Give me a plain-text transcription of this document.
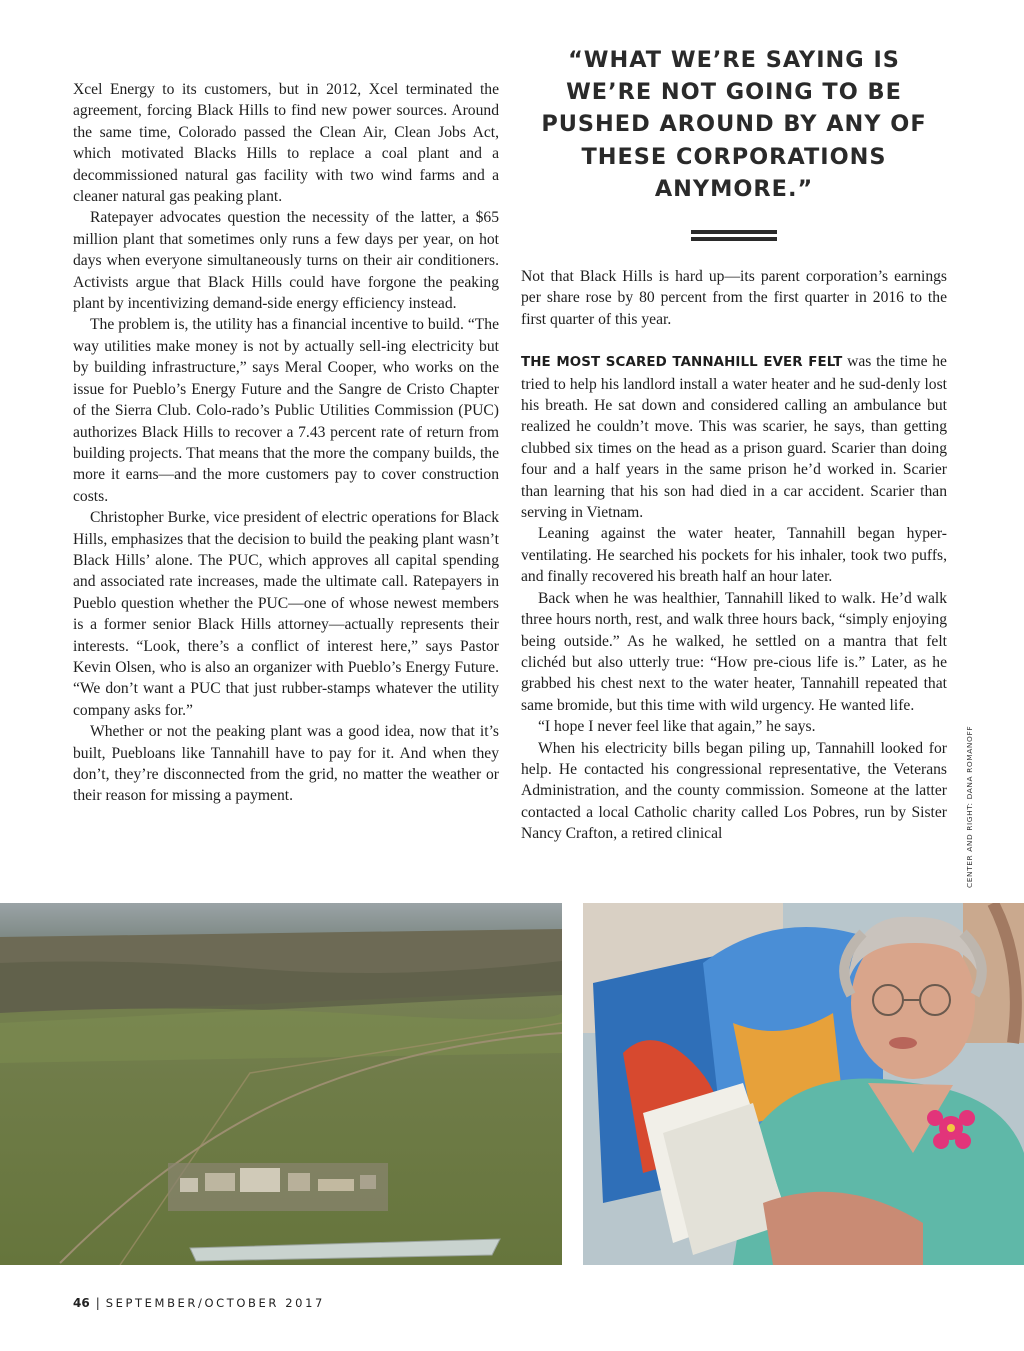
Xcel Energy to its customers, but in 2012, Xcel terminated the agreement, forcing Black Hills to find new power sources. Around the same time, Colorado passed the Clean Air, Clean Jobs Act, which motivated Blacks Hills to replace a coal plant and a decommissioned natural gas facility with two wind farms and a cleaner natural gas peaking plant.

Ratepayer advocates question the necessity of the latter, a $65 million plant that sometimes only runs a few days per year, on hot days when everyone simultaneously turns on their air conditioners. Activists argue that Black Hills could have forgone the peaking plant by incentivizing demand-side energy efficiency instead.

The problem is, the utility has a financial incentive to build. “The way utilities make money is not by actually sell-ing electricity but by building infrastructure,” says Meral Cooper, who works on the issue for Pueblo’s Energy Future and the Sangre de Cristo Chapter of the Sierra Club. Colo-rado’s Public Utilities Commission (PUC) authorizes Black Hills to recover a 7.43 percent rate of return from building projects. That means that the more the company builds, the more it earns—and the more customers pay to cover construction costs.

Christopher Burke, vice president of electric operations for Black Hills, emphasizes that the decision to build the peaking plant wasn’t Black Hills’ alone. The PUC, which approves all capital spending and associated rate increases, made the ultimate call. Ratepayers in Pueblo question whether the PUC—one of whose newest members is a former senior Black Hills attorney—actually represents their interests. “Look, there’s a conflict of interest here,” says Pastor Kevin Olsen, who is also an organizer with Pueblo’s Energy Future. “We don’t want a PUC that just rubber-stamps whatever the utility company asks for.”

Whether or not the peaking plant was a good idea, now that it’s built, Puebloans like Tannahill have to pay for it. And when they don’t, they’re disconnected from the grid, no matter the weather or their reason for missing a payment.

“WHAT WE’RE SAYING IS WE’RE NOT GOING TO BE PUSHED AROUND BY ANY OF THESE CORPORATIONS ANYMORE.”

Not that Black Hills is hard up—its parent corporation’s earnings per share rose by 80 percent from the first quarter in 2016 to the first quarter of this year.

THE MOST SCARED TANNAHILL EVER FELT was the time he tried to help his landlord install a water heater and he sud-denly lost his breath. He sat down and considered calling an ambulance but realized he couldn’t move. This was scarier, he says, than getting clubbed six times on the head as a prison guard. Scarier than doing four and a half years in the same prison he’d worked in. Scarier than learning that his son had died in a car accident. Scarier than serving in Vietnam.

Leaning against the water heater, Tannahill began hyper-ventilating. He searched his pockets for his inhaler, took two puffs, and finally recovered his breath half an hour later.

Back when he was healthier, Tannahill liked to walk. He’d walk three hours north, rest, and walk three hours back, “simply enjoying being outside.” As he walked, he settled on a mantra that felt clichéd but also utterly true: “How pre-cious life is.” Later, as he grabbed his chest next to the water heater, Tannahill repeated that same bromide, but this time with wild urgency. He wanted life.

“I hope I never feel like that again,” he says.

When his electricity bills began piling up, Tannahill looked for help. He contacted his congressional representative, the Veterans Administration, and the county commission. Someone at the latter contacted a local Catholic charity called Los Pobres, run by Sister Nancy Crafton, a retired clinical	CENTER AND RIGHT: DANA ROMANOFF
46 | SEPTEMBER/OCTOBER 2017
